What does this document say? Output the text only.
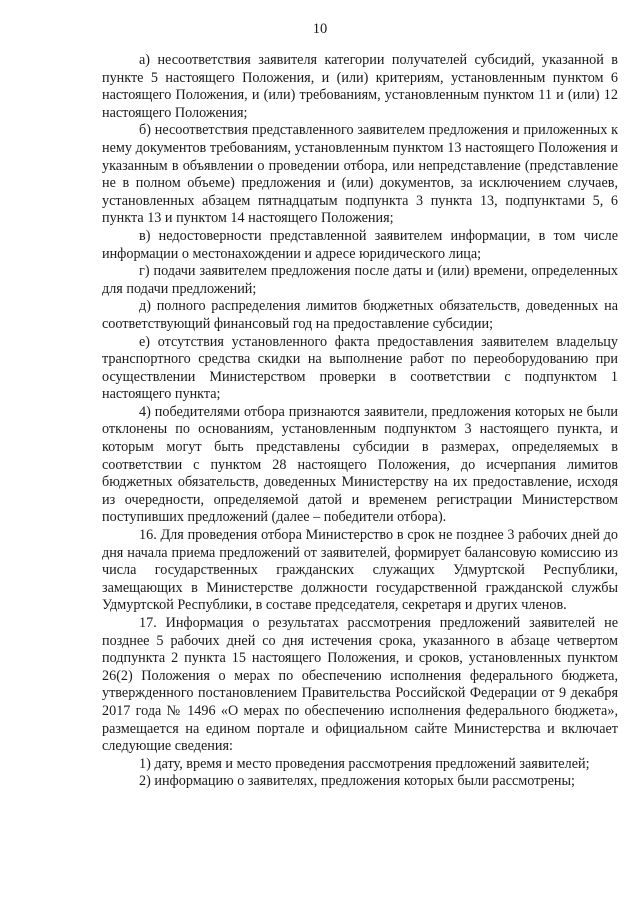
10

а) несоответствия заявителя категории получателей субсидий, указанной в пункте 5 настоящего Положения, и (или) критериям, установленным пунктом 6 настоящего Положения, и (или) требованиям, установленным пунктом 11 и (или) 12 настоящего Положения;

б) несоответствия представленного заявителем предложения и приложенных к нему документов требованиям, установленным пунктом 13 настоящего Положения и указанным в объявлении о проведении отбора, или непредставление (представление не в полном объеме) предложения и (или) документов, за исключением случаев, установленных абзацем пятнадцатым подпункта 3 пункта 13, подпунктами 5, 6 пункта 13 и пунктом 14 настоящего Положения;

в) недостоверности представленной заявителем информации, в том числе информации о местонахождении и адресе юридического лица;

г) подачи заявителем предложения после даты и (или) времени, определенных для подачи предложений;

д) полного распределения лимитов бюджетных обязательств, доведенных на соответствующий финансовый год на предоставление субсидии;

е) отсутствия установленного факта предоставления заявителем владельцу транспортного средства скидки на выполнение работ по переоборудованию при осуществлении Министерством проверки в соответствии с подпунктом 1 настоящего пункта;

4) победителями отбора признаются заявители, предложения которых не были отклонены по основаниям, установленным подпунктом 3 настоящего пункта, и которым могут быть представлены субсидии в размерах, определяемых в соответствии с пунктом 28 настоящего Положения, до исчерпания лимитов бюджетных обязательств, доведенных Министерству на их предоставление, исходя из очередности, определяемой датой и временем регистрации Министерством поступивших предложений (далее – победители отбора).

16. Для проведения отбора Министерство в срок не позднее 3 рабочих дней до дня начала приема предложений от заявителей, формирует балансовую комиссию из числа государственных гражданских служащих Удмуртской Республики, замещающих в Министерстве должности государственной гражданской службы Удмуртской Республики, в составе председателя, секретаря и других членов.

17. Информация о результатах рассмотрения предложений заявителей не позднее 5 рабочих дней со дня истечения срока, указанного в абзаце четвертом подпункта 2 пункта 15 настоящего Положения, и сроков, установленных пунктом 26(2) Положения о мерах по обеспечению исполнения федерального бюджета, утвержденного постановлением Правительства Российской Федерации от 9 декабря 2017 года № 1496 «О мерах по обеспечению исполнения федерального бюджета», размещается на едином портале и официальном сайте Министерства и включает следующие сведения:

1) дату, время и место проведения рассмотрения предложений заявителей;

2) информацию о заявителях, предложения которых были рассмотрены;
